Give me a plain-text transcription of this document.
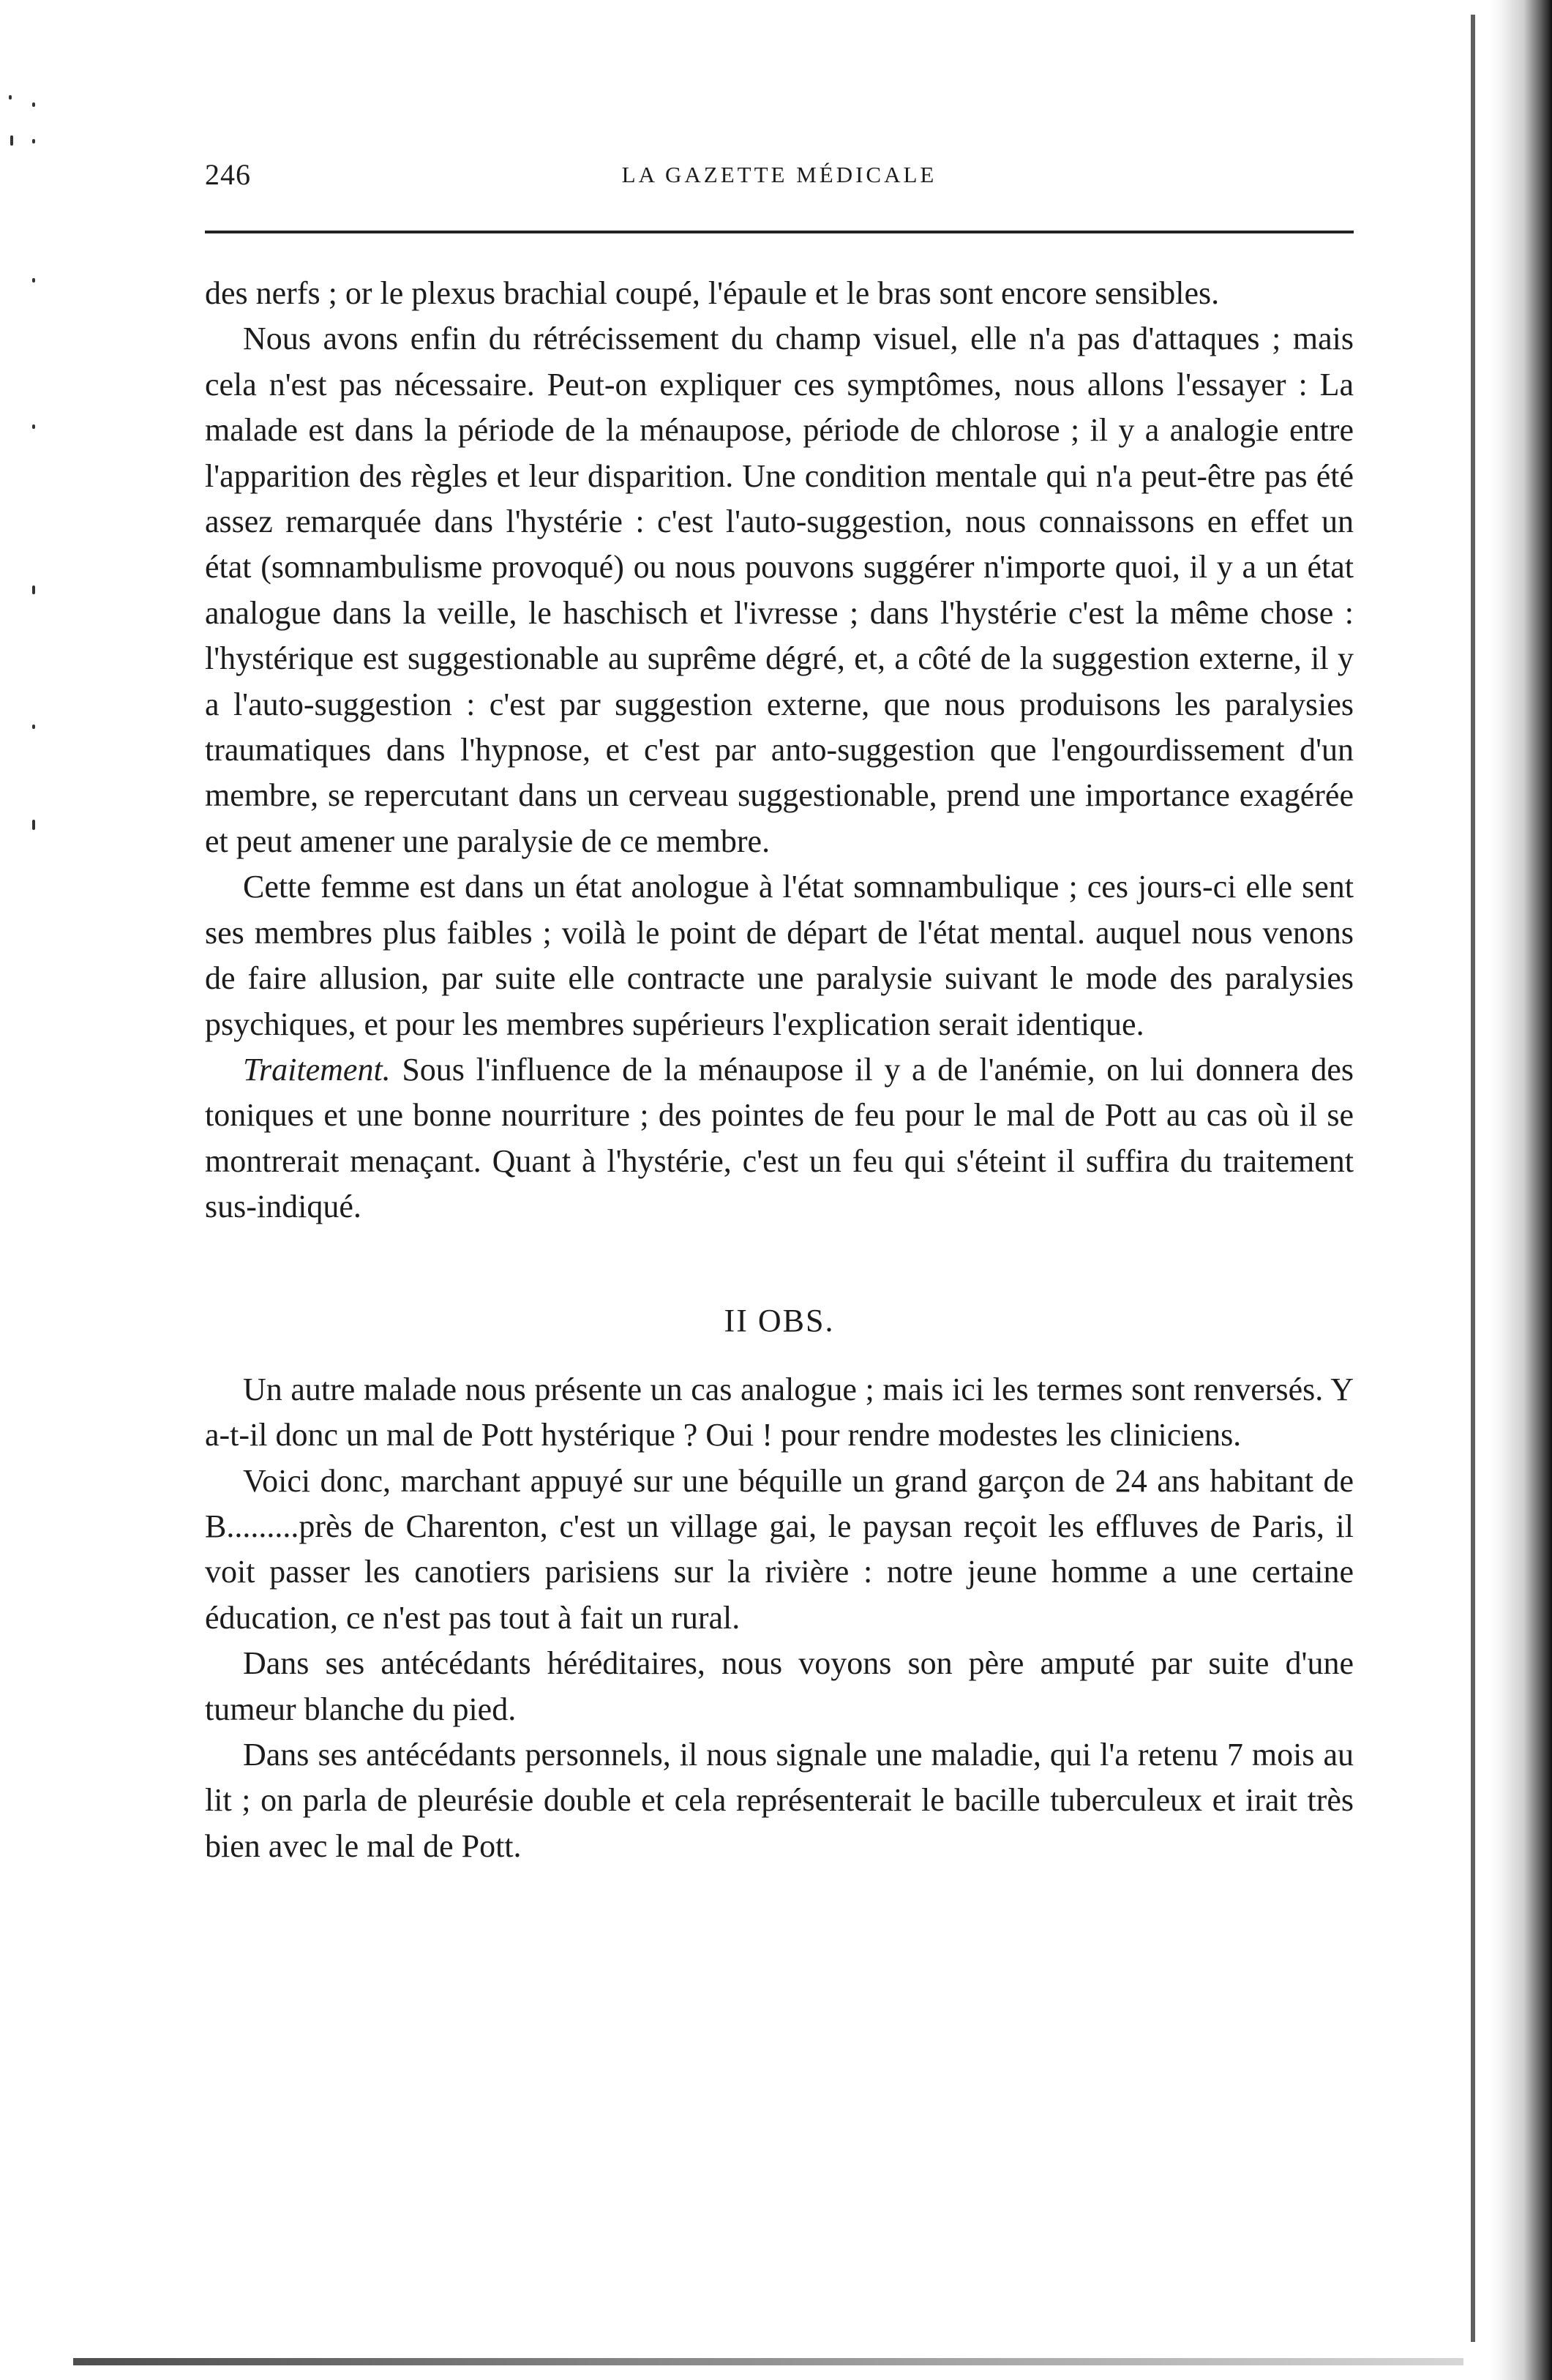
246	LA GAZETTE MÉDICALE

des nerfs ; or le plexus brachial coupé, l'épaule et le bras sont encore sensibles.

Nous avons enfin du rétrécissement du champ visuel, elle n'a pas d'attaques ; mais cela n'est pas nécessaire. Peut-on expliquer ces symptômes, nous allons l'essayer : La malade est dans la période de la ménaupose, période de chlorose ; il y a analogie entre l'apparition des règles et leur disparition. Une condition mentale qui n'a peut-être pas été assez remarquée dans l'hystérie : c'est l'auto-suggestion, nous connaissons en effet un état (somnambulisme provoqué) ou nous pouvons suggérer n'importe quoi, il y a un état analogue dans la veille, le haschisch et l'ivresse ; dans l'hystérie c'est la même chose : l'hystérique est suggestionable au suprême dégré, et, a côté de la suggestion externe, il y a l'auto-suggestion : c'est par suggestion externe, que nous produisons les paralysies traumatiques dans l'hypnose, et c'est par anto-suggestion que l'engourdissement d'un membre, se repercutant dans un cerveau suggestionable, prend une importance exagérée et peut amener une paralysie de ce membre.

Cette femme est dans un état anologue à l'état somnambulique ; ces jours-ci elle sent ses membres plus faibles ; voilà le point de départ de l'état mental. auquel nous venons de faire allusion, par suite elle contracte une paralysie suivant le mode des paralysies psychiques, et pour les membres supérieurs l'explication serait identique.

Traitement. Sous l'influence de la ménaupose il y a de l'anémie, on lui donnera des toniques et une bonne nourriture ; des pointes de feu pour le mal de Pott au cas où il se montrerait menaçant. Quant à l'hystérie, c'est un feu qui s'éteint il suffira du traitement sus-indiqué.

II OBS.

Un autre malade nous présente un cas analogue ; mais ici les termes sont renversés. Y a-t-il donc un mal de Pott hystérique ? Oui ! pour rendre modestes les cliniciens.

Voici donc, marchant appuyé sur une béquille un grand garçon de 24 ans habitant de B.........près de Charenton, c'est un village gai, le paysan reçoit les effluves de Paris, il voit passer les canotiers parisiens sur la rivière : notre jeune homme a une certaine éducation, ce n'est pas tout à fait un rural.

Dans ses antécédants héréditaires, nous voyons son père amputé par suite d'une tumeur blanche du pied.

Dans ses antécédants personnels, il nous signale une maladie, qui l'a retenu 7 mois au lit ; on parla de pleurésie double et cela représenterait le bacille tuberculeux et irait très bien avec le mal de Pott.
